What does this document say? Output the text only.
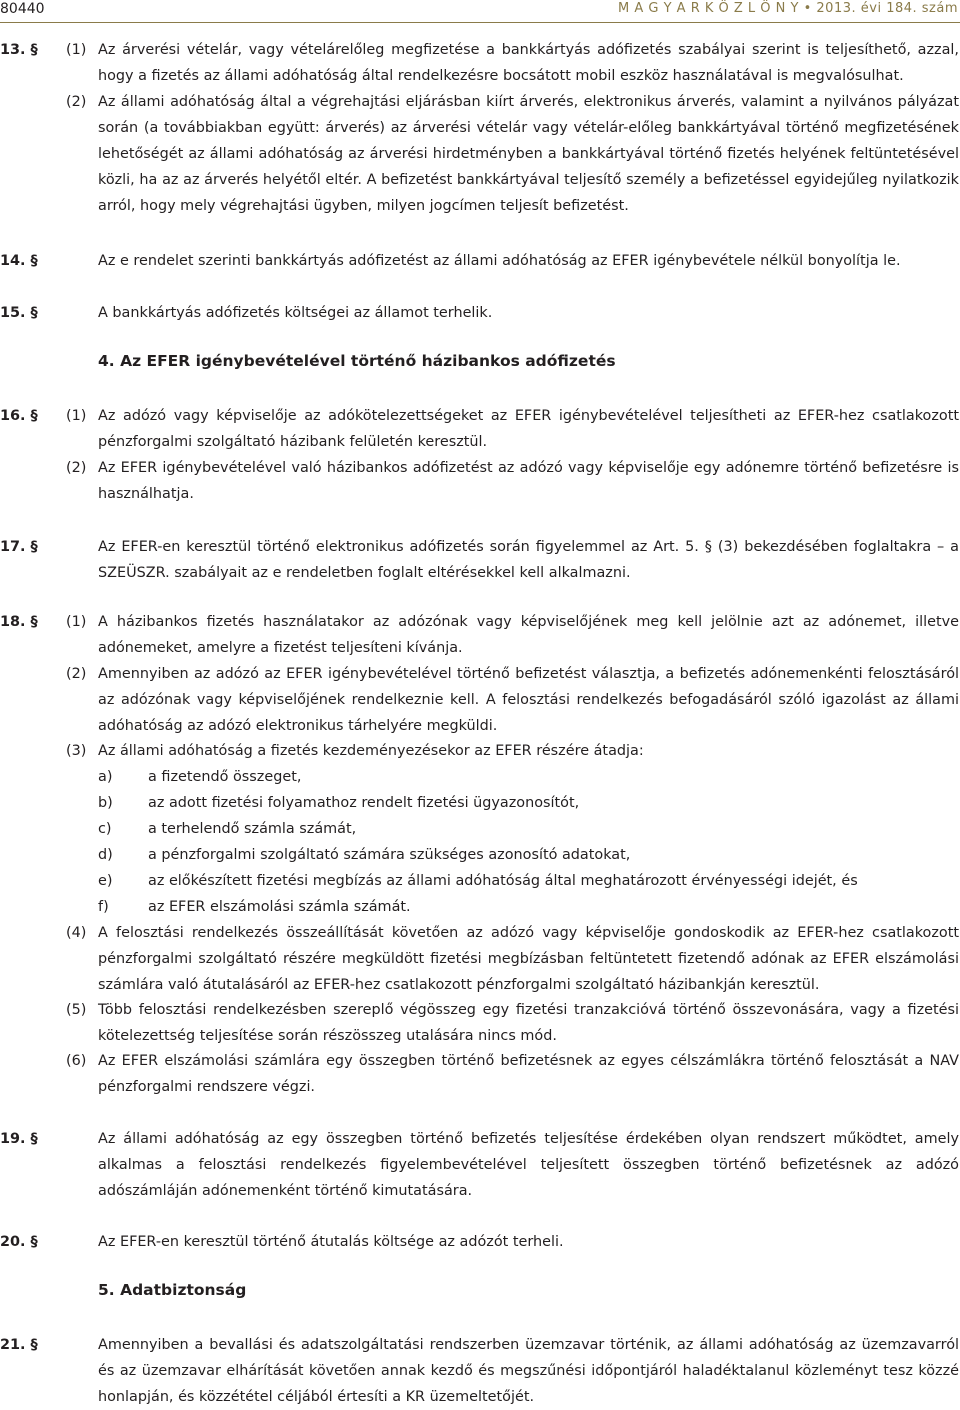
80440	M A G Y A R K Ö Z L Ö N Y • 2013. évi 184. szám
13. §	(1) Az árverési vételár, vagy vételárelőleg megfizetése a bankkártyás adófizetés szabályai szerint is teljesíthető, azzal, hogy a fizetés az állami adóhatóság által rendelkezésre bocsátott mobil eszköz használatával is megvalósulhat.
(2) Az állami adóhatóság által a végrehajtási eljárásban kiírt árverés, elektronikus árverés, valamint a nyilvános pályázat során (a továbbiakban együtt: árverés) az árverési vételár vagy vételár-előleg bankkártyával történő megfizetésének lehetőségét az állami adóhatóság az árverési hirdetményben a bankkártyával történő fizetés helyének feltüntetésével közli, ha az az árverés helyétől eltér. A befizetést bankkártyával teljesítő személy a befizetéssel egyidejűleg nyilatkozik arról, hogy mely végrehajtási ügyben, milyen jogcímen teljesít befizetést.
14. §	Az e rendelet szerinti bankkártyás adófizetést az állami adóhatóság az EFER igénybevétele nélkül bonyolítja le.
15. §	A bankkártyás adófizetés költségei az államot terhelik.
4. Az EFER igénybevételével történő házibankos adófizetés
16. §	(1) Az adózó vagy képviselője az adókötelezettségeket az EFER igénybevételével teljesítheti az EFER-hez csatlakozott pénzforgalmi szolgáltató házibank felületén keresztül.
(2) Az EFER igénybevételével való házibankos adófizetést az adózó vagy képviselője egy adónemre történő befizetésre is használhatja.
17. §	Az EFER-en keresztül történő elektronikus adófizetés során figyelemmel az Art. 5. § (3) bekezdésében foglaltakra – a SZEÜSZR. szabályait az e rendeletben foglalt eltérésekkel kell alkalmazni.
18. §	(1) A házibankos fizetés használatakor az adózónak vagy képviselőjének meg kell jelölnie azt az adónemet, illetve adónemeket, amelyre a fizetést teljesíteni kívánja.
(2) Amennyiben az adózó az EFER igénybevételével történő befizetést választja, a befizetés adónemenkénti felosztásáról az adózónak vagy képviselőjének rendelkeznie kell. A felosztási rendelkezés befogadásáról szóló igazolást az állami adóhatóság az adózó elektronikus tárhelyére megküldi.
(3) Az állami adóhatóság a fizetés kezdeményezésekor az EFER részére átadja:
a)	a fizetendő összeget,
b)	az adott fizetési folyamathoz rendelt fizetési ügyazonosítót,
c)	a terhelendő számla számát,
d)	a pénzforgalmi szolgáltató számára szükséges azonosító adatokat,
e)	az előkészített fizetési megbízás az állami adóhatóság által meghatározott érvényességi idejét, és
f)	az EFER elszámolási számla számát.
(4) A felosztási rendelkezés összeállítását követően az adózó vagy képviselője gondoskodik az EFER-hez csatlakozott pénzforgalmi szolgáltató részére megküldött fizetési megbízásban feltüntetett fizetendő adónak az EFER elszámolási számlára való átutalásáról az EFER-hez csatlakozott pénzforgalmi szolgáltató házibankján keresztül.
(5) Több felosztási rendelkezésben szereplő végösszeg egy fizetési tranzakcióvá történő összevonására, vagy a fizetési kötelezettség teljesítése során részösszeg utalására nincs mód.
(6) Az EFER elszámolási számlára egy összegben történő befizetésnek az egyes célszámlákra történő felosztását a NAV pénzforgalmi rendszere végzi.
19. §	Az állami adóhatóság az egy összegben történő befizetés teljesítése érdekében olyan rendszert működtet, amely alkalmas a felosztási rendelkezés figyelembevételével teljesített összegben történő befizetésnek az adózó adószámláján adónemenként történő kimutatására.
20. §	Az EFER-en keresztül történő átutalás költsége az adózót terheli.
5. Adatbiztonság
21. §	Amennyiben a bevallási és adatszolgáltatási rendszerben üzemzavar történik, az állami adóhatóság az üzemzavarról és az üzemzavar elhárítását követően annak kezdő és megszűnési időpontjáról haladéktalanul közleményt tesz közzé honlapján, és közzététel céljából értesíti a KR üzemeltetőjét.
